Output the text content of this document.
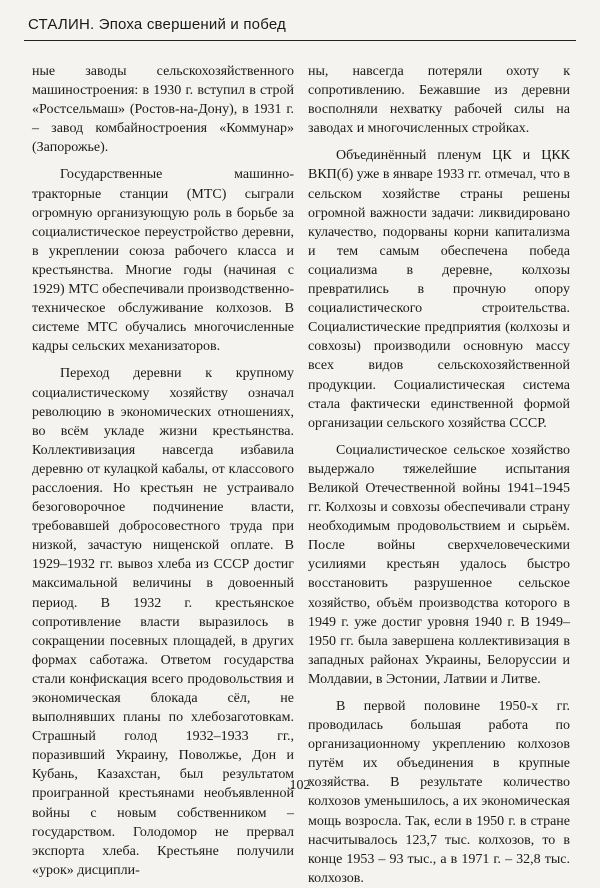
СТАЛИН. Эпоха свершений и побед

ные заводы сельскохозяйственного машиностроения: в 1930 г. вступил в строй «Ростсельмаш» (Ростов-на-Дону), в 1931 г. – завод комбайностроения «Коммунар» (Запорожье).

Государственные машинно-тракторные станции (МТС) сыграли огромную организующую роль в борьбе за социалистическое переустройство деревни, в укреплении союза рабочего класса и крестьянства. Многие годы (начиная с 1929) МТС обеспечивали производственно-техническое обслуживание колхозов. В системе МТС обучались многочисленные кадры сельских механизаторов.

Переход деревни к крупному социалистическому хозяйству означал революцию в экономических отношениях, во всём укладе жизни крестьянства. Коллективизация навсегда избавила деревню от кулацкой кабалы, от классового расслоения. Но крестьян не устраивало безоговорочное подчинение власти, требовавшей добросовестного труда при низкой, зачастую нищенской оплате. В 1929–1932 гг. вывоз хлеба из СССР достиг максимальной величины в довоенный период. В 1932 г. крестьянское сопротивление власти выразилось в сокращении посевных площадей, в других формах саботажа. Ответом государства стали конфискация всего продовольствия и экономическая блокада сёл, не выполнявших планы по хлебозаготовкам. Страшный голод 1932–1933 гг., поразивший Украину, Поволжье, Дон и Кубань, Казахстан, был результатом проигранной крестьянами необъявленной войны с новым собственником – государством. Голодомор не прервал экспорта хлеба. Крестьяне получили «урок» дисципли-

ны, навсегда потеряли охоту к сопротивлению. Бежавшие из деревни восполняли нехватку рабочей силы на заводах и многочисленных стройках.

Объединённый пленум ЦК и ЦКК ВКП(б) уже в январе 1933 гг. отмечал, что в сельском хозяйстве страны решены огромной важности задачи: ликвидировано кулачество, подорваны корни капитализма и тем самым обеспечена победа социализма в деревне, колхозы превратились в прочную опору социалистического строительства. Социалистические предприятия (колхозы и совхозы) производили основную массу всех видов сельскохозяйственной продукции. Социалистическая система стала фактически единственной формой организации сельского хозяйства СССР.

Социалистическое сельское хозяйство выдержало тяжелейшие испытания Великой Отечественной войны 1941–1945 гг. Колхозы и совхозы обеспечивали страну необходимым продовольствием и сырьём. После войны сверхчеловеческими усилиями крестьян удалось быстро восстановить разрушенное сельское хозяйство, объём производства которого в 1949 г. уже достиг уровня 1940 г. В 1949–1950 гг. была завершена коллективизация в западных районах Украины, Белоруссии и Молдавии, в Эстонии, Латвии и Литве.

В первой половине 1950-х гг. проводилась большая работа по организационному укреплению колхозов путём их объединения в крупные хозяйства. В результате количество колхозов уменьшилось, а их экономическая мощь возросла. Так, если в 1950 г. в стране насчитывалось 123,7 тыс. колхозов, то в конце 1953 – 93 тыс., а в 1971 г. – 32,8 тыс. колхозов.

102
